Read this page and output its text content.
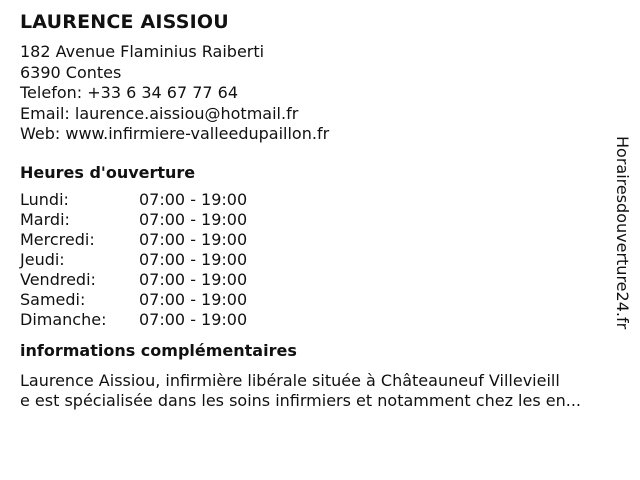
LAURENCE AISSIOU
182 Avenue Flaminius Raiberti
6390 Contes
Telefon: +33 6 34 67 77 64
Email: laurence.aissiou@hotmail.fr
Web: www.infirmiere-valleedupaillon.fr
Heures d'ouverture
Lundi:	07:00 - 19:00
Mardi:	07:00 - 19:00
Mercredi:	07:00 - 19:00
Jeudi:	07:00 - 19:00
Vendredi:	07:00 - 19:00
Samedi:	07:00 - 19:00
Dimanche:	07:00 - 19:00
informations complémentaires
Laurence Aissiou, infirmière libérale située à Châteauneuf Villevieill
e est spécialisée dans les soins infirmiers et notamment chez les en...
Horairesdouverture24.fr
